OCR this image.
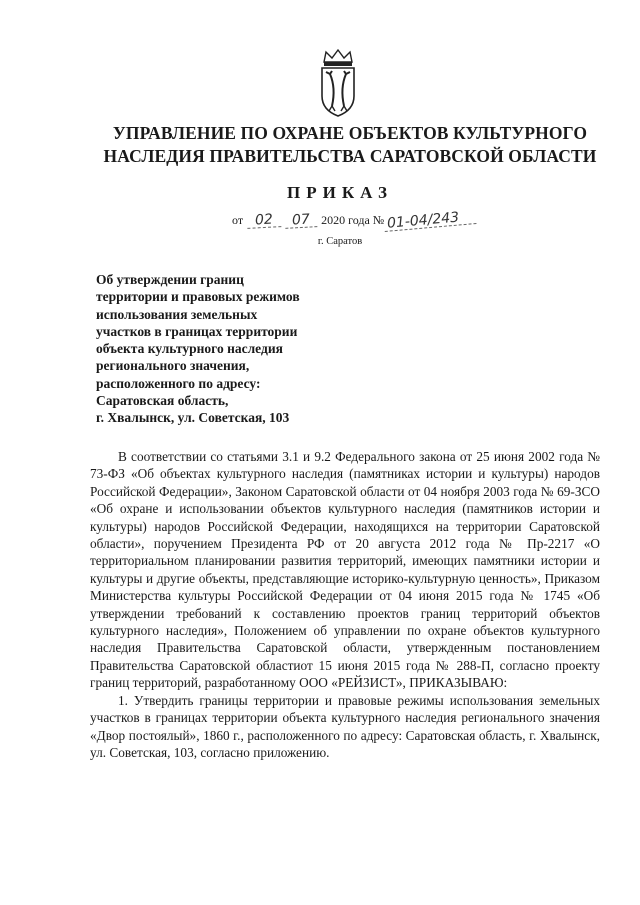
УПРАВЛЕНИЕ ПО ОХРАНЕ ОБЪЕКТОВ КУЛЬТУРНОГО
НАСЛЕДИЯ ПРАВИТЕЛЬСТВА САРАТОВСКОЙ ОБЛАСТИ
ПРИКАЗ
от 02	07 2020 года № 01-04/243
г. Саратов
Об утверждении границ
территории и правовых режимов
использования земельных
участков в границах территории
объекта культурного наследия
регионального значения,
расположенного по адресу:
Саратовская область,
г. Хвалынск, ул. Советская, 103

В соответствии со статьями 3.1 и 9.2 Федерального закона от 25 июня 2002 года № 73-ФЗ «Об объектах культурного наследия (памятниках истории и культуры) народов Российской Федерации», Законом Саратовской области от 04 ноября 2003 года № 69-ЗСО «Об охране и использовании объектов культурного наследия (памятников истории и культуры) народов Российской Федерации, находящихся на территории Саратовской области», поручением Президента РФ от 20 августа 2012 года № Пр-2217 «О территориальном планировании развития территорий, имеющих памятники истории и культуры и другие объекты, представляющие историко-культурную ценность», Приказом Министерства культуры Российской Федерации от 04 июня 2015 года № 1745 «Об утверждении требований к составлению проектов границ территорий объектов культурного наследия», Положением об управлении по охране объектов культурного наследия Правительства Саратовской области, утвержденным постановлением Правительства Саратовской областиот 15 июня 2015 года № 288-П, согласно проекту границ территорий, разработанному ООО «РЕЙЗИСТ», ПРИКАЗЫВАЮ:

1. Утвердить границы территории и правовые режимы использования земельных участков в границах территории объекта культурного наследия регионального значения «Двор постоялый», 1860 г., расположенного по адресу: Саратовская область, г. Хвалынск, ул. Советская, 103, согласно приложению.
